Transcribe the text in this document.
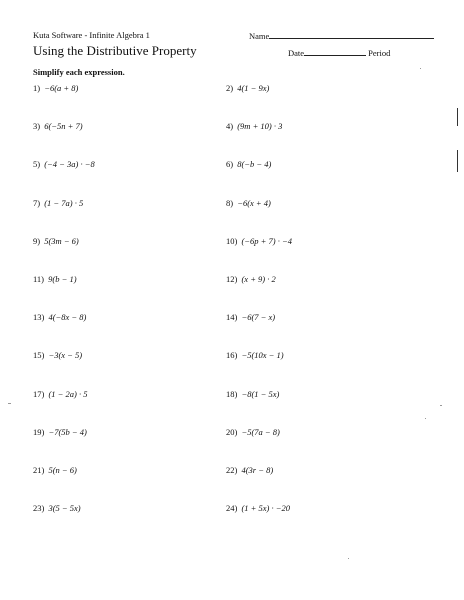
Kuta Software - Infinite Algebra 1	Name
Using the Distributive Property	Date	Period
Simplify each expression.
1) −6(a + 8)	2) 4(1 − 9x)
3) 6(−5n + 7)	4) (9m + 10) · 3
5) (−4 − 3a) · −8	6) 8(−b − 4)
7) (1 − 7a) · 5	8) −6(x + 4)
9) 5(3m − 6)	10) (−6p + 7) · −4
11) 9(b − 1)	12) (x + 9) · 2
13) 4(−8x − 8)	14) −6(7 − x)
15) −3(x − 5)	16) −5(10x − 1)
17) (1 − 2a) · 5	18) −8(1 − 5x)
19) −7(5b − 4)	20) −5(7a − 8)
21) 5(n − 6)	22) 4(3r − 8)
23) 3(5 − 5x)	24) (1 + 5x) · −20
